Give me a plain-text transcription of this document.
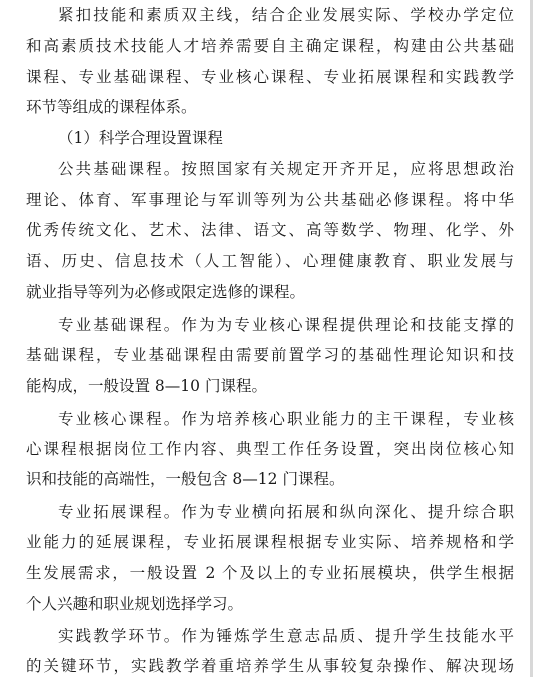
紧扣技能和素质双主线，结合企业发展实际、学校办学定位
和高素质技术技能人才培养需要自主确定课程，构建由公共基础
课程、专业基础课程、专业核心课程、专业拓展课程和实践教学
环节等组成的课程体系。
（1）科学合理设置课程
公共基础课程。按照国家有关规定开齐开足，应将思想政治
理论、体育、军事理论与军训等列为公共基础必修课程。将中华
优秀传统文化、艺术、法律、语文、高等数学、物理、化学、外
语、历史、信息技术（人工智能）、心理健康教育、职业发展与
就业指导等列为必修或限定选修的课程。
专业基础课程。作为为专业核心课程提供理论和技能支撑的
基础课程，专业基础课程由需要前置学习的基础性理论知识和技
能构成，一般设置 8—10 门课程。
专业核心课程。作为培养核心职业能力的主干课程，专业核
心课程根据岗位工作内容、典型工作任务设置，突出岗位核心知
识和技能的高端性，一般包含 8—12 门课程。
专业拓展课程。作为专业横向拓展和纵向深化、提升综合职
业能力的延展课程，专业拓展课程根据专业实际、培养规格和学
生发展需求，一般设置 2 个及以上的专业拓展模块，供学生根据
个人兴趣和职业规划选择学习。
实践教学环节。作为锤炼学生意志品质、提升学生技能水平
的关键环节，实践教学着重培养学生从事较复杂操作、解决现场
